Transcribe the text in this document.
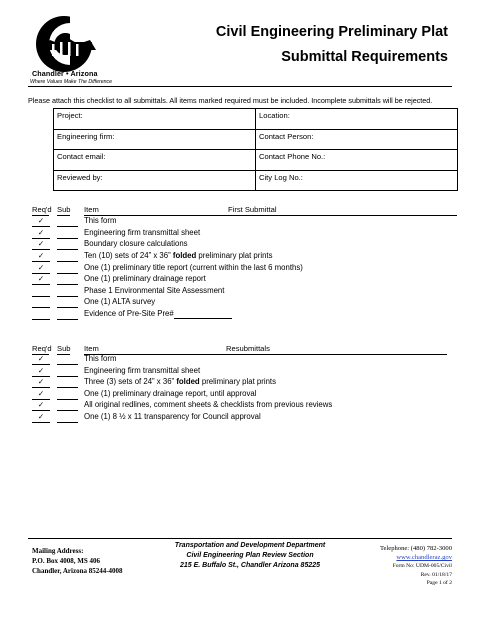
Chandler • Arizona
Where Values Make The Difference
Civil Engineering Preliminary Plat
Submittal Requirements
Please attach this checklist to all submittals. All items marked required must be included. Incomplete submittals will be rejected.
Project:	Location:
Engineering firm:	Contact Person:
Contact email:	Contact Phone No.:
Reviewed by:	City Log No.:
Req'd Sub Item	First Submittal
✓	This form
✓	Engineering firm transmittal sheet
✓	Boundary closure calculations
✓	Ten (10) sets of 24” x 36” folded preliminary plat prints
✓	One (1) preliminary title report (current within the last 6 months)
✓	One (1) preliminary drainage report
Phase 1 Environmental Site Assessment
One (1) ALTA survey
Evidence of Pre-Site Pre#
Req'd Sub Item	Resubmittals
✓	This form
✓	Engineering firm transmittal sheet
✓	Three (3) sets of 24” x 36” folded preliminary plat prints
✓	One (1) preliminary drainage report, until approval
✓	All original redlines, comment sheets & checklists from previous reviews
✓	One (1) 8 ½ x 11 transparency for Council approval
Mailing Address:
P.O. Box 4008, MS 406
Chandler, Arizona 85244-4008
Transportation and Development Department
Civil Engineering Plan Review Section
215 E. Buffalo St., Chandler Arizona 85225
Telephone: (480) 782-3000
www.chandleraz.gov
Form No: UDM-005/Civil
Rev. 01/18/17
Page 1 of 2
